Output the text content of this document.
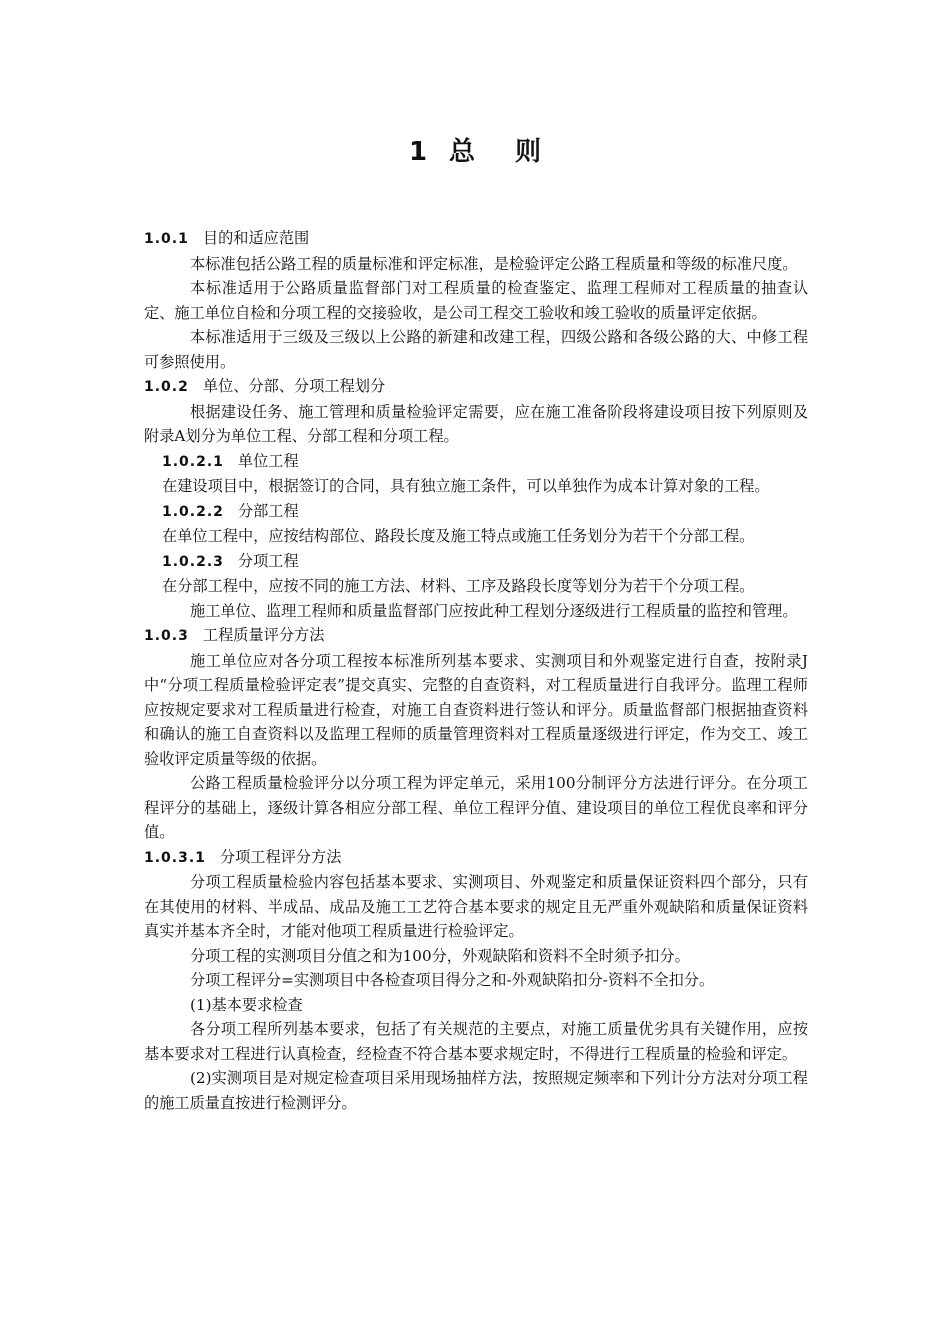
1 总 则

1.0.1 目的和适应范围

本标准包括公路工程的质量标准和评定标准，是检验评定公路工程质量和等级的标准尺度。

本标准适用于公路质量监督部门对工程质量的检查鉴定、监理工程师对工程质量的抽查认定、施工单位自检和分项工程的交接验收，是公司工程交工验收和竣工验收的质量评定依据。

本标准适用于三级及三级以上公路的新建和改建工程，四级公路和各级公路的大、中修工程可参照使用。

1.0.2 单位、分部、分项工程划分

根据建设任务、施工管理和质量检验评定需要，应在施工准备阶段将建设项目按下列原则及附录A划分为单位工程、分部工程和分项工程。

1.0.2.1 单位工程

在建设项目中，根据签订的合同，具有独立施工条件，可以单独作为成本计算对象的工程。

1.0.2.2 分部工程

在单位工程中，应按结构部位、路段长度及施工特点或施工任务划分为若干个分部工程。

1.0.2.3 分项工程

在分部工程中，应按不同的施工方法、材料、工序及路段长度等划分为若干个分项工程。

施工单位、监理工程师和质量监督部门应按此种工程划分逐级进行工程质量的监控和管理。

1.0.3 工程质量评分方法

施工单位应对各分项工程按本标准所列基本要求、实测项目和外观鉴定进行自查，按附录J中“分项工程质量检验评定表”提交真实、完整的自查资料，对工程质量进行自我评分。监理工程师应按规定要求对工程质量进行检查，对施工自查资料进行签认和评分。质量监督部门根据抽查资料和确认的施工自查资料以及监理工程师的质量管理资料对工程质量逐级进行评定，作为交工、竣工验收评定质量等级的依据。

公路工程质量检验评分以分项工程为评定单元，采用100分制评分方法进行评分。在分项工程评分的基础上，逐级计算各相应分部工程、单位工程评分值、建设项目的单位工程优良率和评分值。

1.0.3.1 分项工程评分方法

分项工程质量检验内容包括基本要求、实测项目、外观鉴定和质量保证资料四个部分，只有在其使用的材料、半成品、成品及施工工艺符合基本要求的规定且无严重外观缺陷和质量保证资料真实并基本齐全时，才能对他项工程质量进行检验评定。

分项工程的实测项目分值之和为100分，外观缺陷和资料不全时须予扣分。

分项工程评分=实测项目中各检查项目得分之和-外观缺陷扣分-资料不全扣分。

(1)基本要求检查

各分项工程所列基本要求，包括了有关规范的主要点，对施工质量优劣具有关键作用，应按基本要求对工程进行认真检查，经检查不符合基本要求规定时，不得进行工程质量的检验和评定。

(2)实测项目是对规定检查项目采用现场抽样方法，按照规定频率和下列计分方法对分项工程的施工质量直按进行检测评分。
